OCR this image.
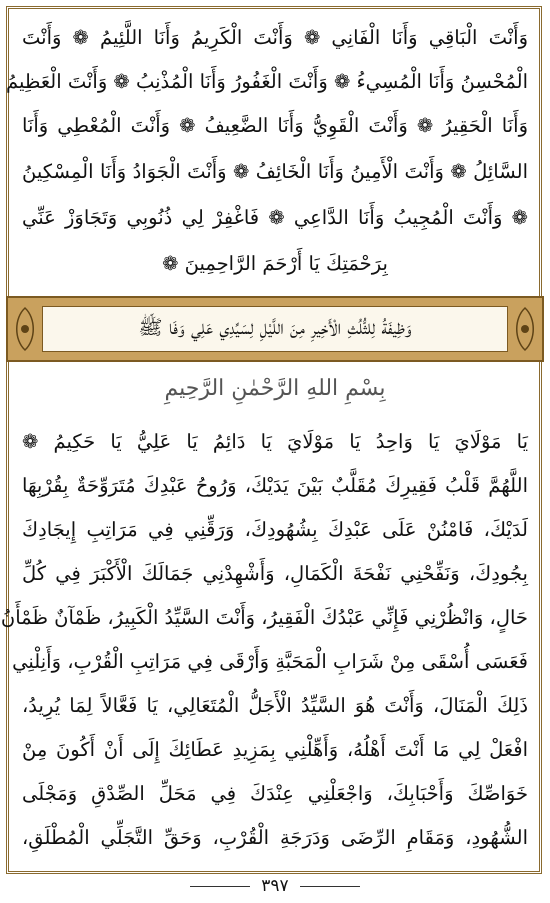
وَأَنْتَ الْبَاقِي وَأَنَا الْفَانِي ❁ وَأَنْتَ الْكَرِيمُ وَأَنَا اللَّئِيمُ ❁ وَأَنْتَ
الْمُحْسِنُ وَأَنَا الْمُسِيءُ ❁ وَأَنْتَ الْغَفُورُ وَأَنَا الْمُذْنِبُ ❁ وَأَنْتَ الْعَظِيمُ
وَأَنَا الْحَقِيرُ ❁ وَأَنْتَ الْقَوِيُّ وَأَنَا الضَّعِيفُ ❁ وَأَنْتَ الْمُعْطِي وَأَنَا
السَّائِلُ ❁ وَأَنْتَ الْأَمِينُ وَأَنَا الْخَائِفُ ❁ وَأَنْتَ الْجَوَادُ وَأَنَا الْمِسْكِينُ
❁ وَأَنْتَ الْمُجِيبُ وَأَنَا الدَّاعِي ❁ فَاغْفِرْ لِي ذُنُوبِي وَتَجَاوَزْ عَنِّي
بِرَحْمَتِكَ يَا أَرْحَمَ الرَّاحِمِينَ ❁
وَظِيفَةُ لِلثُّلُثِ الْأَخِيرِ مِنَ اللَّيْلِ لِسَيِّدِي عَلِي وَفَا ﷺ
بِسْمِ اللهِ الرَّحْمٰنِ الرَّحِيمِ
يَا مَوْلَايَ يَا وَاحِدُ يَا مَوْلَايَ يَا دَائِمُ يَا عَلِيُّ يَا حَكِيمُ ❁
اللَّهُمَّ قَلْبُ فَقِيرِكَ مُقَلَّبٌ بَيْنَ يَدَيْكَ، وَرُوحُ عَبْدِكَ مُتَرَوِّحَةٌ بِقُرْبِهَا
لَدَيْكَ، فَامْنُنْ عَلَى عَبْدِكَ بِشُهُودِكَ، وَرَقِّنِي فِي مَرَاتِبِ إِيجَادِكَ
بِجُودِكَ، وَنَفِّحْنِي نَفْحَةَ الْكَمَالِ، وَأَشْهِدْنِي جَمَالَكَ الْأَكْبَرَ فِي كُلِّ
حَالٍ، وَانْظُرْنِي فَإِنِّي عَبْدُكَ الْفَقِيرُ، وَأَنْتَ السَّيِّدُ الْكَبِيرُ، ظَمْآنٌ ظَمْأَنُ
فَعَسَى أُسْقَى مِنْ شَرَابِ الْمَحَبَّةِ وَأَرْقَى فِي مَرَاتِبِ الْقُرْبِ، وَأَنِلْنِي
ذَلِكَ الْمَنَالَ، وَأَنْتَ هُوَ السَّيِّدُ الْأَجَلُّ الْمُتَعَالِي، يَا فَعَّالاً لِمَا يُرِيدُ،
افْعَلْ لِي مَا أَنْتَ أَهْلُهُ، وَأَهِّلْنِي بِمَزِيدِ عَطَائِكَ إِلَى أَنْ أَكُونَ مِنْ
خَوَاصِّكَ وَأَحْبَابِكَ، وَاجْعَلْنِي عِنْدَكَ فِي مَحَلِّ الصِّدْقِ وَمَجْلَى
الشُّهُودِ، وَمَقَامِ الرِّضَى وَدَرَجَةِ الْقُرْبِ، وَحَقِّ التَّجَلِّي الْمُطْلَقِ،
٣٩٧
